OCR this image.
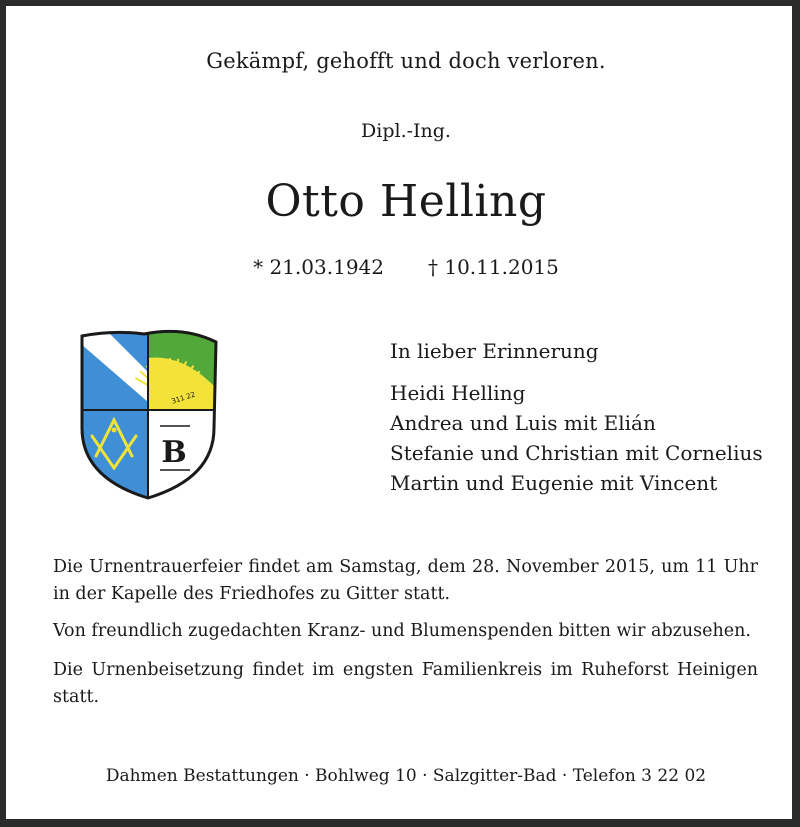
Gekämpf, gehofft und doch verloren.
Dipl.-Ing.
Otto Helling
* 21.03.1942 † 10.11.2015
B
311 22
In lieber Erinnerung
Heidi Helling
Andrea und Luis mit Elián
Stefanie und Christian mit Cornelius
Martin und Eugenie mit Vincent
Die Urnentrauerfeier findet am Samstag, dem 28. November 2015, um 11 Uhr in der Kapelle des Friedhofes zu Gitter statt.
Von freundlich zugedachten Kranz- und Blumenspenden bitten wir abzusehen.
Die Urnenbeisetzung findet im engsten Familienkreis im Ruheforst Heinigen statt.
Dahmen Bestattungen · Bohlweg 10 · Salzgitter-Bad · Telefon 3 22 02
